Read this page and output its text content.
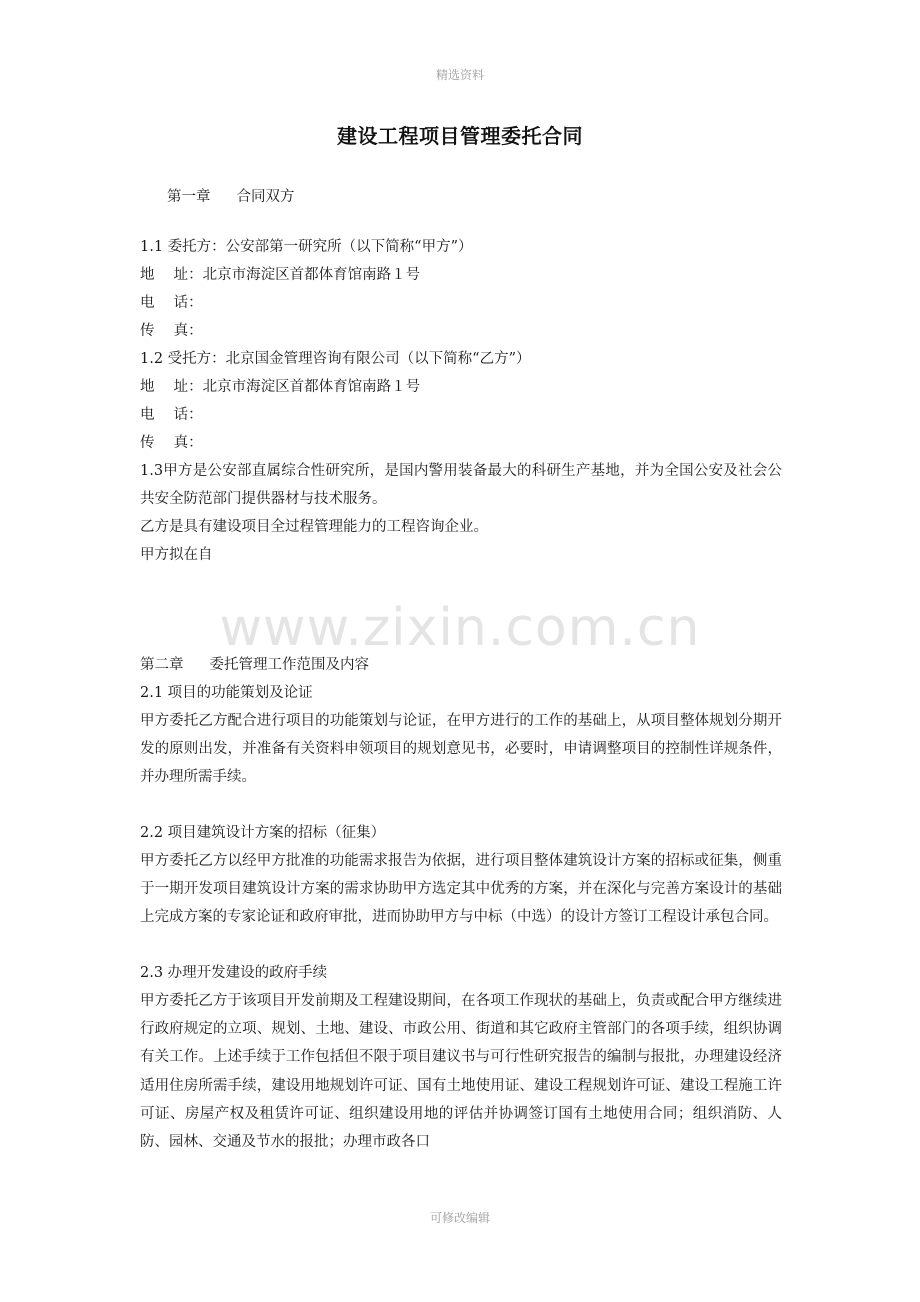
精选资料
建设工程项目管理委托合同
第一章 合同双方
1.1 委托方：公安部第一研究所（以下简称“甲方”）
地　 址：北京市海淀区首都体育馆南路１号
电　 话：
传　 真：
1.2 受托方：北京国金管理咨询有限公司（以下简称“乙方”）
地　 址：北京市海淀区首都体育馆南路１号
电　 话：
传　 真：
1.3甲方是公安部直属综合性研究所，是国内警用装备最大的科研生产基地，并为全国公安及社会公共安全防范部门提供器材与技术服务。
乙方是具有建设项目全过程管理能力的工程咨询企业。
甲方拟在自
www.zixin.com.cn
第二章 委托管理工作范围及内容
2.1 项目的功能策划及论证
甲方委托乙方配合进行项目的功能策划与论证，在甲方进行的工作的基础上，从项目整体规划分期开发的原则出发，并准备有关资料申领项目的规划意见书，必要时，申请调整项目的控制性详规条件，并办理所需手续。
2.2 项目建筑设计方案的招标（征集）
甲方委托乙方以经甲方批准的功能需求报告为依据，进行项目整体建筑设计方案的招标或征集，侧重于一期开发项目建筑设计方案的需求协助甲方选定其中优秀的方案，并在深化与完善方案设计的基础上完成方案的专家论证和政府审批，进而协助甲方与中标（中选）的设计方签订工程设计承包合同。
2.3 办理开发建设的政府手续
甲方委托乙方于该项目开发前期及工程建设期间，在各项工作现状的基础上，负责或配合甲方继续进行政府规定的立项、规划、土地、建设、市政公用、街道和其它政府主管部门的各项手续，组织协调有关工作。上述手续于工作包括但不限于项目建议书与可行性研究报告的编制与报批，办理建设经济适用住房所需手续，建设用地规划许可证、国有土地使用证、建设工程规划许可证、建设工程施工许可证、房屋产权及租赁许可证、组织建设用地的评估并协调签订国有土地使用合同；组织消防、人防、园林、交通及节水的报批；办理市政各口
可修改编辑
